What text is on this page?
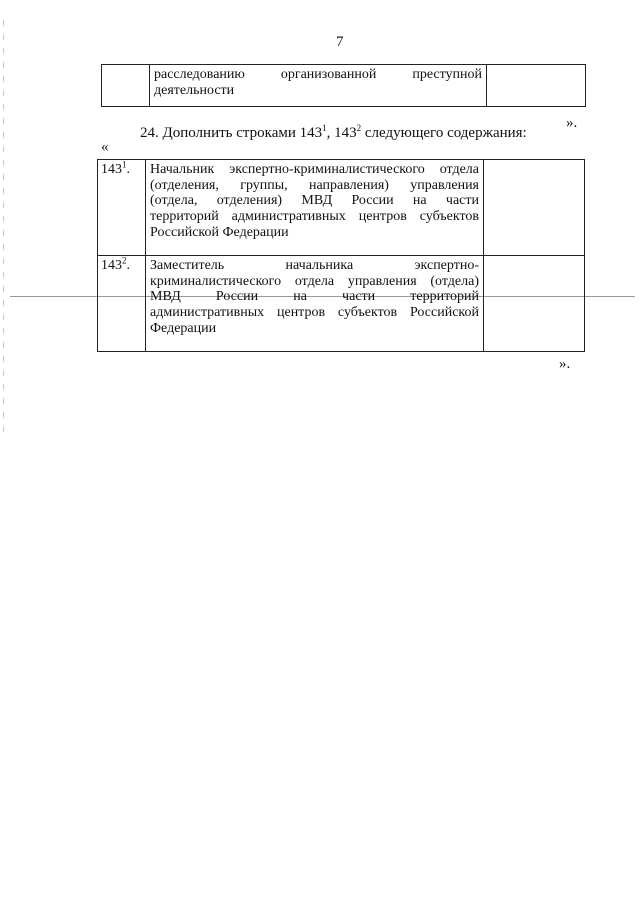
7

расследованию организованной преступной
деятельности

».
24. Дополнить строками $143^1$, $143^2$ следующего содержания:
«
$143^1$.	Начальник экспертно-криминалистического отдела
(отделения, группы, направления) управления
(отдела, отделения) МВД России на части
территорий административных центров субъектов
Российской Федерации	

$143^2$.	Заместитель начальника экспертно-
криминалистического отдела управления (отдела)
МВД России на части территорий
административных центров субъектов Российской
Федерации	

».
